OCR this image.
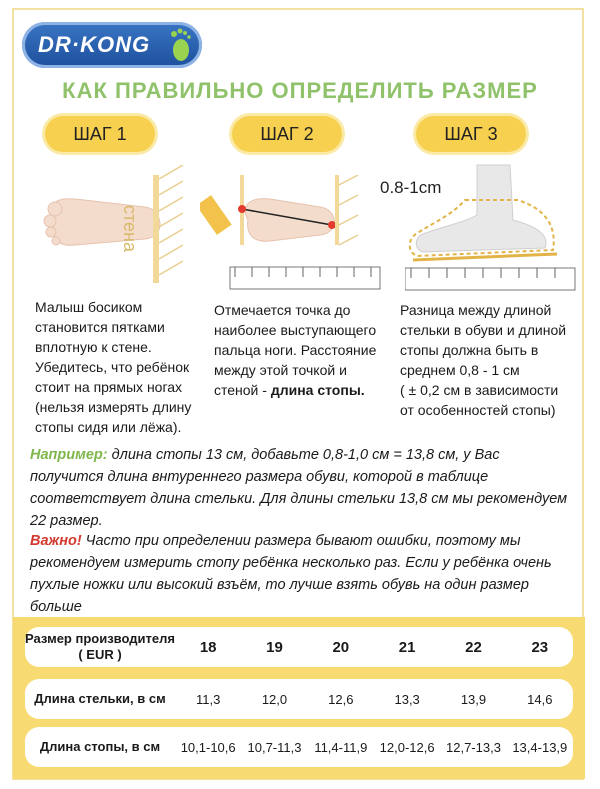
DR·KONG
КАК ПРАВИЛЬНО ОПРЕДЕЛИТЬ РАЗМЕР
ШАГ 1	ШАГ 2	ШАГ 3
стена
0.8-1cm
Малыш босиком становится пятками вплотную к стене. Убедитесь, что ребёнок стоит на прямых ногах (нельзя измерять длину стопы сидя или лёжа).
Отмечается точка до наиболее выступающего пальца ноги. Расстояние между этой точкой и стеной - длина стопы.
Разница между длиной
стельки в обуви и длиной
стопы должна быть в
среднем 0,8 - 1 см
( ± 0,2 см в зависимости
от особенностей стопы)
Например: длина стопы 13 см, добавьте 0,8-1,0 см = 13,8 см, у Вас получится длина внтуреннего размера обуви, которой в таблице соответствует длина стельки. Для длины стельки 13,8 см мы рекомендуем 22 размер.
Важно! Часто при определении размера бывают ошибки, поэтому мы рекомендуем измерить стопу ребёнка несколько раз. Если у ребёнка очень пухлые ножки или высокий взъём, то лучше взять обувь на один размер больше
Размер производителя ( EUR )	18	19	20	21	22	23
Длина стельки, в см	11,3	12,0	12,6	13,3	13,9	14,6
Длина стопы, в см	10,1-10,6 10,7-11,3 11,4-11,9 12,0-12,6 12,7-13,3 13,4-13,9
